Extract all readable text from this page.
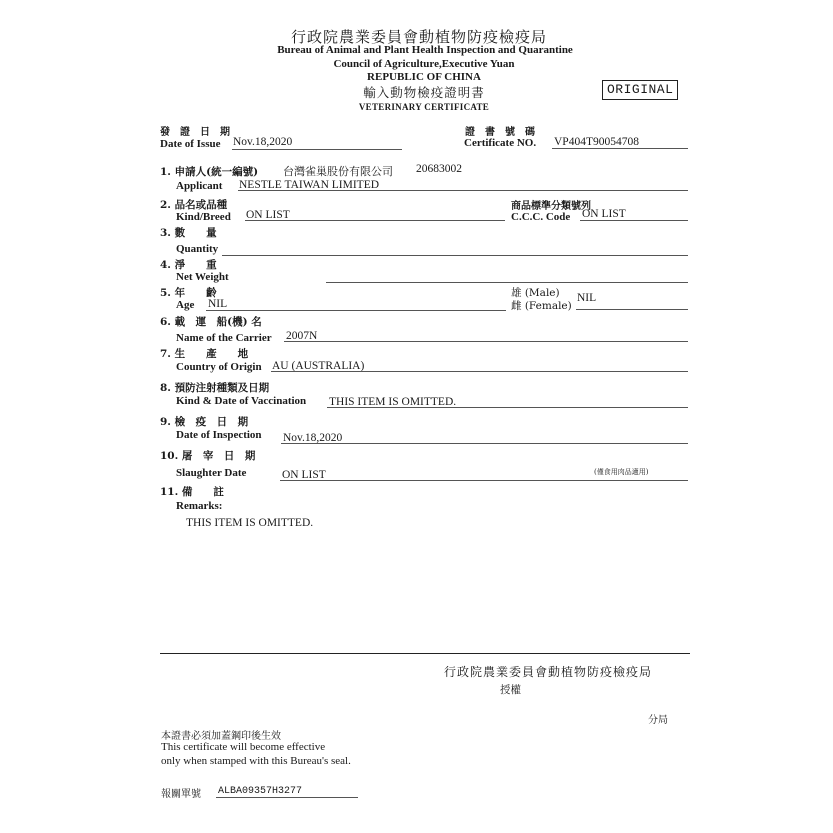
行政院農業委員會動植物防疫檢疫局
Bureau of Animal and Plant Health Inspection and Quarantine
Council of Agriculture,Executive Yuan
REPUBLIC OF CHINA
輸入動物檢疫證明書
VETERINARY CERTIFICATE
ORIGINAL
發　證　日　期
Date of Issue Nov.18,2020
證　書　號　碼
Certificate NO. VP404T90054708
1. 申請人(統一編號) 台灣雀巢股份有限公司 20683002
Applicant NESTLE TAIWAN LIMITED
2. 品名或品種
Kind/Breed ON LIST
商品標準分類號列
C.C.C. Code ON LIST
3. 數　　量
Quantity
4. 淨　　重
Net Weight
5. 年　　齡
Age NIL
雄 (Male)
雌 (Female)
NIL
6. 載　運　船(機) 名
Name of the Carrier 2007N
7. 生　　產　　地
Country of Origin AU (AUSTRALIA)
8. 預防注射種類及日期
Kind & Date of Vaccination THIS ITEM IS OMITTED.
9. 檢　疫　日　期
Date of Inspection Nov.18,2020
10. 屠　宰　日　期
Slaughter Date	ON LIST	(僅食用肉品適用)
11. 備　　註
Remarks:
THIS ITEM IS OMITTED.
行政院農業委員會動植物防疫檢疫局
授權
分局
本證書必須加蓋鋼印後生效
This certificate will become effective
only when stamped with this Bureau's seal.
報關單號 ALBA09357H3277
